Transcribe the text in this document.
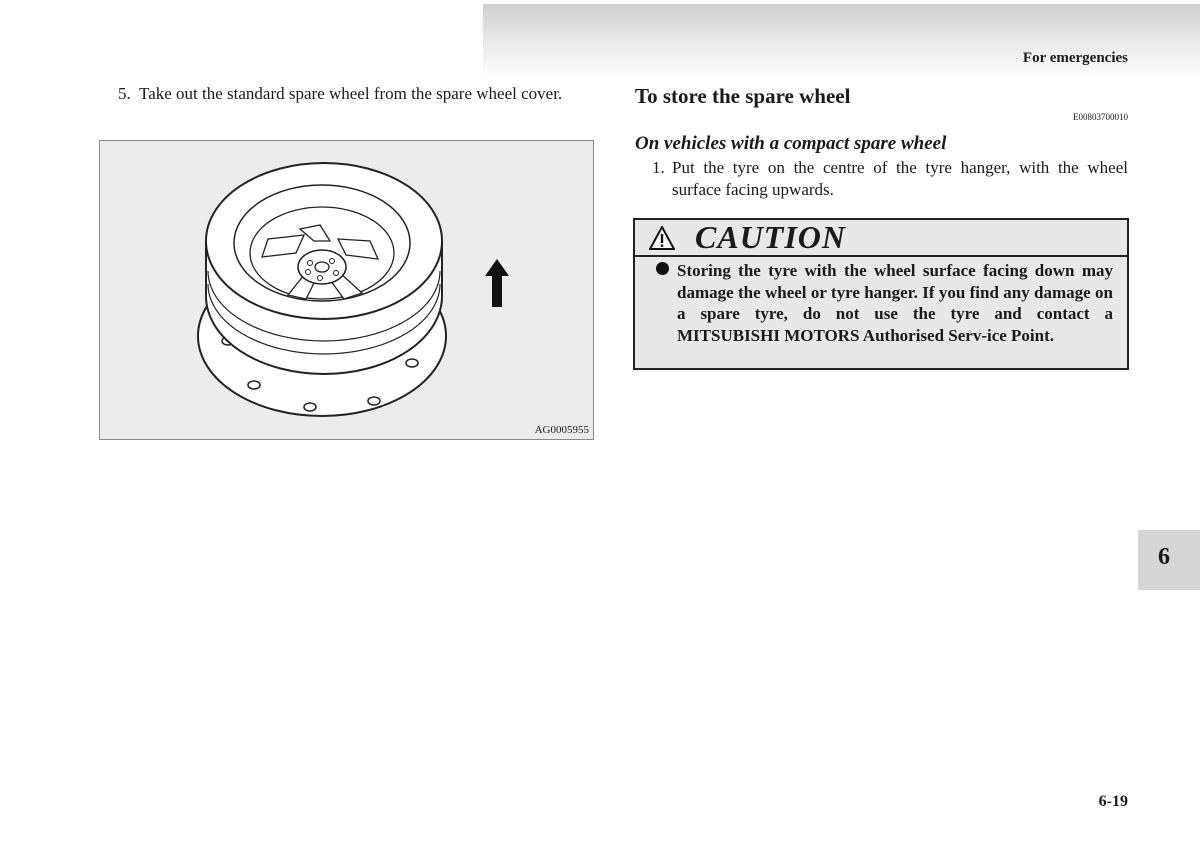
For emergencies
5. Take out the standard spare wheel from the spare wheel cover.
AG0005955
To store the spare wheel
E00803700010
On vehicles with a compact spare wheel
1. Put the tyre on the centre of the tyre hanger, with the wheel surface facing upwards.
CAUTION
Storing the tyre with the wheel surface facing down may damage the wheel or tyre hanger. If you find any damage on a spare tyre, do not use the tyre and contact a MITSUBISHI MOTORS Authorised Serv-ice Point.
6
6-19
